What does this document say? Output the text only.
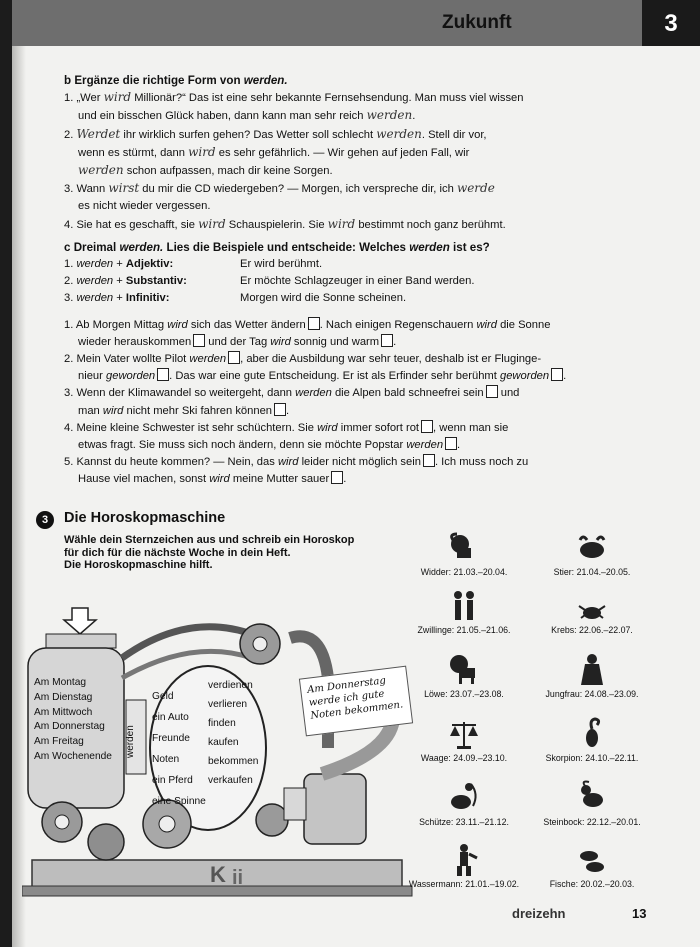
Zukunft	3
b Ergänze die richtige Form von werden.
1. „Wer wird Millionär?“ Das ist eine sehr bekannte Fernsehsendung. Man muss viel wissen
und ein bisschen Glück haben, dann kann man sehr reich werden.
2. Werdet ihr wirklich surfen gehen? Das Wetter soll schlecht werden. Stell dir vor,
wenn es stürmt, dann wird es sehr gefährlich. — Wir gehen auf jeden Fall, wir
werden schon aufpassen, mach dir keine Sorgen.
3. Wann wirst du mir die CD wiedergeben? — Morgen, ich verspreche dir, ich werde
es nicht wieder vergessen.
4. Sie hat es geschafft, sie wird Schauspielerin. Sie wird bestimmt noch ganz berühmt.
c Dreimal werden. Lies die Beispiele und entscheide: Welches werden ist es?
1. werden + Adjektiv:	Er wird berühmt.
2. werden + Substantiv:	Er möchte Schlagzeuger in einer Band werden.
3. werden + Infinitiv:	Morgen wird die Sonne scheinen.
1. Ab Morgen Mittag wird sich das Wetter ändern . Nach einigen Regenschauern wird die Sonne
wieder herauskommen und der Tag wird sonnig und warm .
2. Mein Vater wollte Pilot werden , aber die Ausbildung war sehr teuer, deshalb ist er Fluginge-
nieur geworden . Das war eine gute Entscheidung. Er ist als Erfinder sehr berühmt geworden .
3. Wenn der Klimawandel so weitergeht, dann werden die Alpen bald schneefrei sein und
man wird nicht mehr Ski fahren können .
4. Meine kleine Schwester ist sehr schüchtern. Sie wird immer sofort rot , wenn man sie
etwas fragt. Sie muss sich noch ändern, denn sie möchte Popstar werden .
5. Kannst du heute kommen? — Nein, das wird leider nicht möglich sein . Ich muss noch zu
Hause viel machen, sonst wird meine Mutter sauer .
3	Die Horoskopmaschine
Wähle dein Sternzeichen aus und schreib ein Horoskop
für dich für die nächste Woche in dein Heft.
Die Horoskopmaschine hilft.
K ii
Am Montag
Am Dienstag
Am Mittwoch
Am Donnerstag
Am Freitag
Am Wochenende werden
Geld
ein Auto
Freunde
Noten
ein Pferd
eine Spinne
verdienen
verlieren
finden
kaufen
bekommen
verkaufen
Am Donnerstag werde ich gute Noten bekommen.
Widder: 21.03.–20.04.	Stier: 21.04.–20.05.
Zwillinge: 21.05.–21.06.	Krebs: 22.06.–22.07.
Löwe: 23.07.–23.08.	Jungfrau: 24.08.–23.09.
Waage: 24.09.–23.10.	Skorpion: 24.10.–22.11.
Schütze: 23.11.–21.12.	Steinbock: 22.12.–20.01.
Wassermann: 21.01.–19.02.	Fische: 20.02.–20.03.
dreizehn	13
